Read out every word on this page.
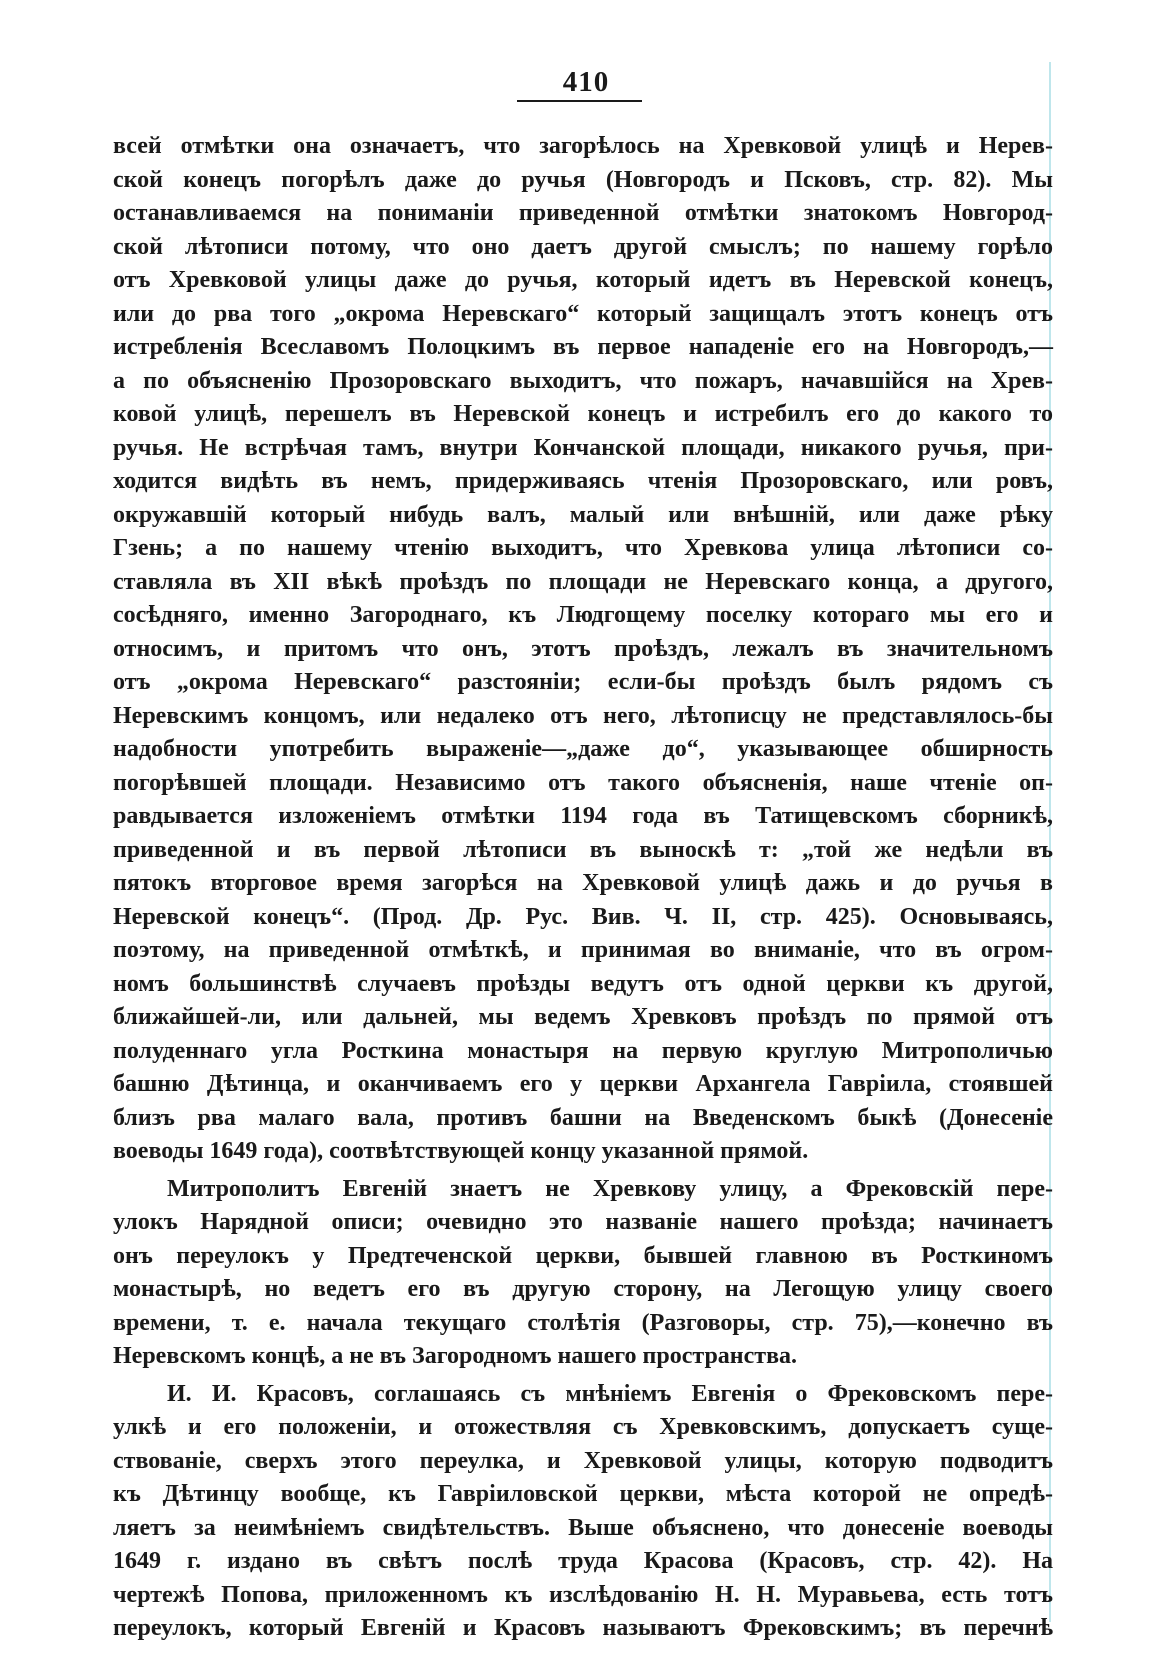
410
всей отмѣтки она означаетъ, что загорѣлось на Хревковой улицѣ и Нерев-
ской конецъ погорѣлъ даже до ручья (Новгородъ и Псковъ, стр. 82). Мы
останавливаемся на пониманіи приведенной отмѣтки знатокомъ Новгород-
ской лѣтописи потому, что оно даетъ другой смыслъ; по нашему горѣло
отъ Хревковой улицы даже до ручья, который идетъ въ Неревской конецъ,
или до рва того „окрома Неревскаго“ который защищалъ этотъ конецъ отъ
истребленія Всеславомъ Полоцкимъ въ первое нападеніе его на Новгородъ,—
а по объясненію Прозоровскаго выходитъ, что пожаръ, начавшійся на Хрев-
ковой улицѣ, перешелъ въ Неревской конецъ и истребилъ его до какого то
ручья. Не встрѣчая тамъ, внутри Кончанской площади, никакого ручья, при-
ходится видѣть въ немъ, придерживаясь чтенія Прозоровскаго, или ровъ,
окружавшій который нибудь валъ, малый или внѣшній, или даже рѣку
Гзень; а по нашему чтенію выходитъ, что Хревкова улица лѣтописи со-
ставляла въ XII вѣкѣ проѣздъ по площади не Неревскаго конца, а другого,
сосѣдняго, именно Загороднаго, къ Людгощему поселку котораго мы его и
относимъ, и притомъ что онъ, этотъ проѣздъ, лежалъ въ значительномъ
отъ „окрома Неревскаго“ разстояніи; если-бы проѣздъ былъ рядомъ съ
Неревскимъ концомъ, или недалеко отъ него, лѣтописцу не представлялось-бы
надобности употребить выраженіе—„даже до“, указывающее обширность
погорѣвшей площади. Независимо отъ такого объясненія, наше чтеніе оп-
равдывается изложеніемъ отмѣтки 1194 года въ Татищевскомъ сборникѣ,
приведенной и въ первой лѣтописи въ выноскѣ т: „той же недѣли въ
пятокъ вторговое время загорѣся на Хревковой улицѣ дажь и до ручья в
Неревской конецъ“. (Прод. Др. Рус. Вив. Ч. II, стр. 425). Основываясь,
поэтому, на приведенной отмѣткѣ, и принимая во вниманіе, что въ огром-
номъ большинствѣ случаевъ проѣзды ведутъ отъ одной церкви къ другой,
ближайшей-ли, или дальней, мы ведемъ Хревковъ проѣздъ по прямой отъ
полуденнаго угла Росткина монастыря на первую круглую Митрополичью
башню Дѣтинца, и оканчиваемъ его у церкви Архангела Гавріила, стоявшей
близъ рва малаго вала, противъ башни на Введенскомъ быкѣ (Донесеніе
воеводы 1649 года), соотвѣтствующей концу указанной прямой.
Митрополитъ Евгеній знаетъ не Хревкову улицу, а Фрековскій пере-
улокъ Нарядной описи; очевидно это названіе нашего проѣзда; начинаетъ
онъ переулокъ у Предтеченской церкви, бывшей главною въ Росткиномъ
монастырѣ, но ведетъ его въ другую сторону, на Легощую улицу своего
времени, т. е. начала текущаго столѣтія (Разговоры, стр. 75),—конечно въ
Неревскомъ концѣ, а не въ Загородномъ нашего пространства.
И. И. Красовъ, соглашаясь съ мнѣніемъ Евгенія о Фрековскомъ пере-
улкѣ и его положеніи, и отожествляя съ Хревковскимъ, допускаетъ суще-
ствованіе, сверхъ этого переулка, и Хревковой улицы, которую подводитъ
къ Дѣтинцу вообще, къ Гавріиловской церкви, мѣста которой не опредѣ-
ляетъ за неимѣніемъ свидѣтельствъ. Выше объяснено, что донесеніе воеводы
1649 г. издано въ свѣтъ послѣ труда Красова (Красовъ, стр. 42). На
чертежѣ Попова, приложенномъ къ изслѣдованію Н. Н. Муравьева, есть тотъ
переулокъ, который Евгеній и Красовъ называютъ Фрековскимъ; въ перечнѣ
